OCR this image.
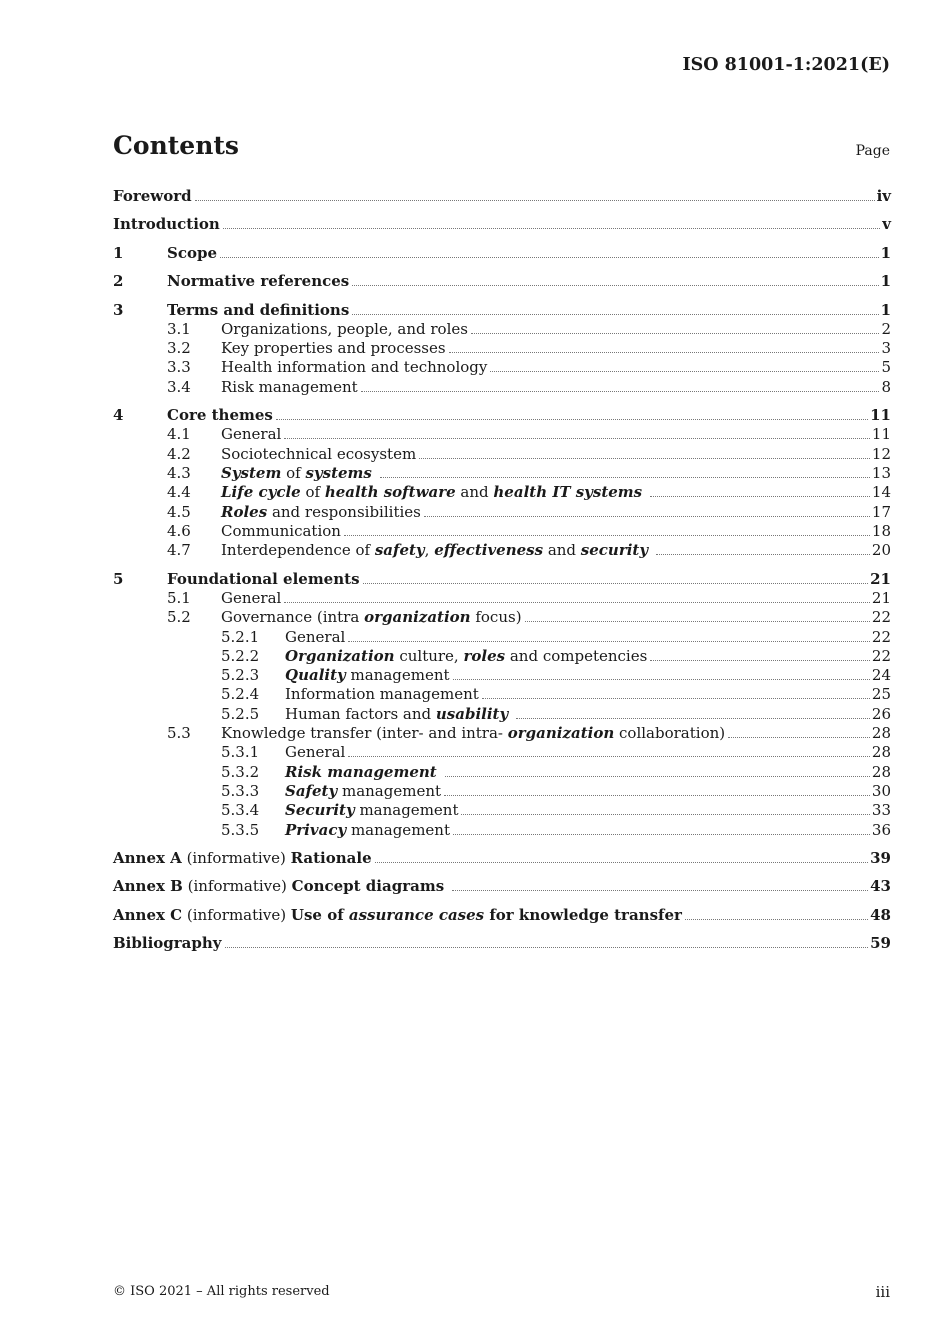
ISO 81001-1:2021(E)
Contents	Page
Foreword	iv
Introduction	v
1	Scope	1
2	Normative references	1
3	Terms and definitions	1
3.1 Organizations, people, and roles	2
3.2 Key properties and processes	3
3.3 Health information and technology	5
3.4 Risk management	8
4	Core themes	11
4.1 General	11
4.2 Sociotechnical ecosystem	12
4.3 System of systems	13
4.4 Life cycle of health software and health IT systems	14
4.5 Roles and responsibilities	17
4.6 Communication	18
4.7 Interdependence of safety, effectiveness and security	20
5	Foundational elements	21
5.1 General	21
5.2 Governance (intra organization focus)	22
5.2.1 General	22
5.2.2 Organization culture, roles and competencies	22
5.2.3 Quality management	24
5.2.4 Information management	25
5.2.5 Human factors and usability	26
5.3 Knowledge transfer (inter- and intra- organization collaboration)	28
5.3.1 General	28
5.3.2 Risk management	28
5.3.3 Safety management	30
5.3.4 Security management	33
5.3.5 Privacy management	36
Annex A (informative) Rationale	39
Annex B (informative) Concept diagrams	43
Annex C (informative) Use of assurance cases for knowledge transfer	48
Bibliography	59
© ISO 2021 – All rights reserved	iii
